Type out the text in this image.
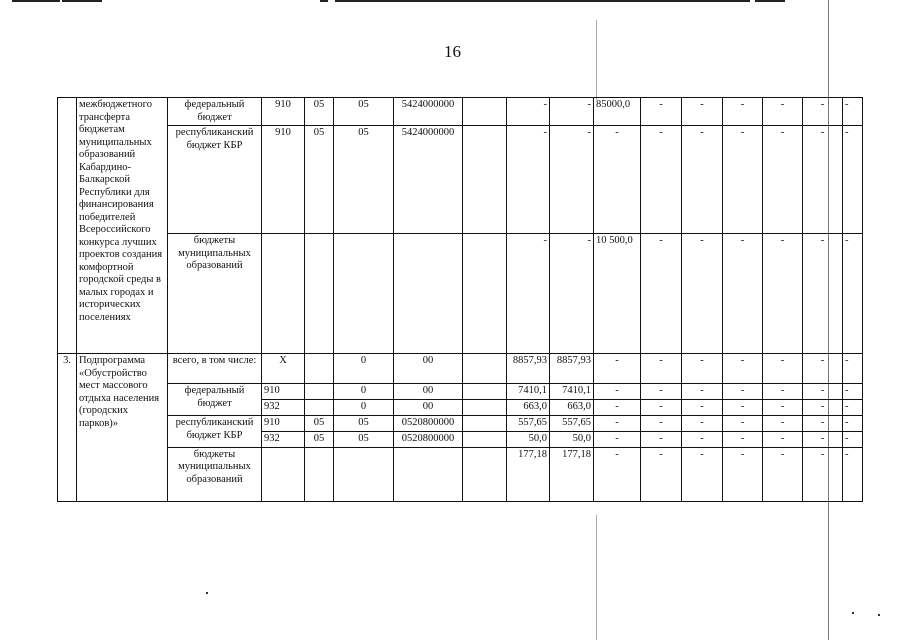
16
	межбюджетного трансферта бюджетам муниципальных образований Кабардино-Балкарской Республики для финансирования победителей Всероссийского конкурса лучших проектов создания комфортной городской среды в малых городах и исторических поселениях	федеральный бюджет	910	05	05	5424000000		-	-	85000,0	-	-	-	-	-	-
		республиканский бюджет КБР	910	05	05	5424000000		-	-	-	-	-	-	-	-	-
		бюджеты муниципальных образований						-	-	10 500,0	-	-	-	-	-	-
3.	Подпрограмма «Обустройство мест массового отдыха населения (городских парков)»	всего, в том числе:	Х		0	00		8857,93	8857,93	-	-	-	-	-	-	-
		федеральный бюджет	910		0	00		7410,1	7410,1	-	-	-	-	-	-	-
			932		0	00		663,0	663,0	-	-	-	-	-	-	-
		республиканский бюджет КБР	910	05	05	0520800000		557,65	557,65	-	-	-	-	-	-	-
			932	05	05	0520800000		50,0	50,0	-	-	-	-	-	-	-
		бюджеты муниципальных образований						177,18	177,18	-	-	-	-	-	-	-
